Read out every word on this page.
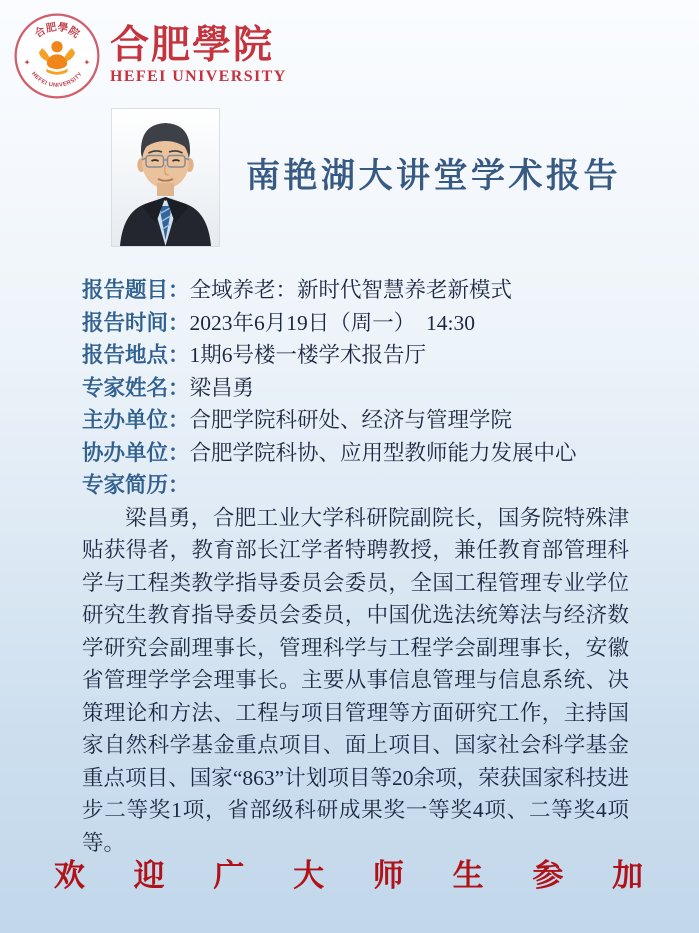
合肥學院
HEFEI UNIVERSITY
合肥學院
HEFEI UNIVERSITY
南艳湖大讲堂学术报告
报告题目：全域养老：新时代智慧养老新模式
报告时间：2023年6月19日（周一）　14:30
报告地点：1期6号楼一楼学术报告厅
专家姓名：梁昌勇
主办单位：合肥学院科研处、经济与管理学院
协办单位：合肥学院科协、应用型教师能力发展中心
专家简历：

梁昌勇，合肥工业大学科研院副院长，国务院特殊津贴获得者，教育部长江学者特聘教授，兼任教育部管理科学与工程类教学指导委员会委员，全国工程管理专业学位研究生教育指导委员会委员，中国优选法统筹法与经济数学研究会副理事长，管理科学与工程学会副理事长，安徽省管理学学会理事长。主要从事信息管理与信息系统、决策理论和方法、工程与项目管理等方面研究工作，主持国家自然科学基金重点项目、面上项目、国家社会科学基金重点项目、国家“863”计划项目等20余项，荣获国家科技进步二等奖1项，省部级科研成果奖一等奖4项、二等奖4项等。

欢 迎 广 大 师 生 参 加
